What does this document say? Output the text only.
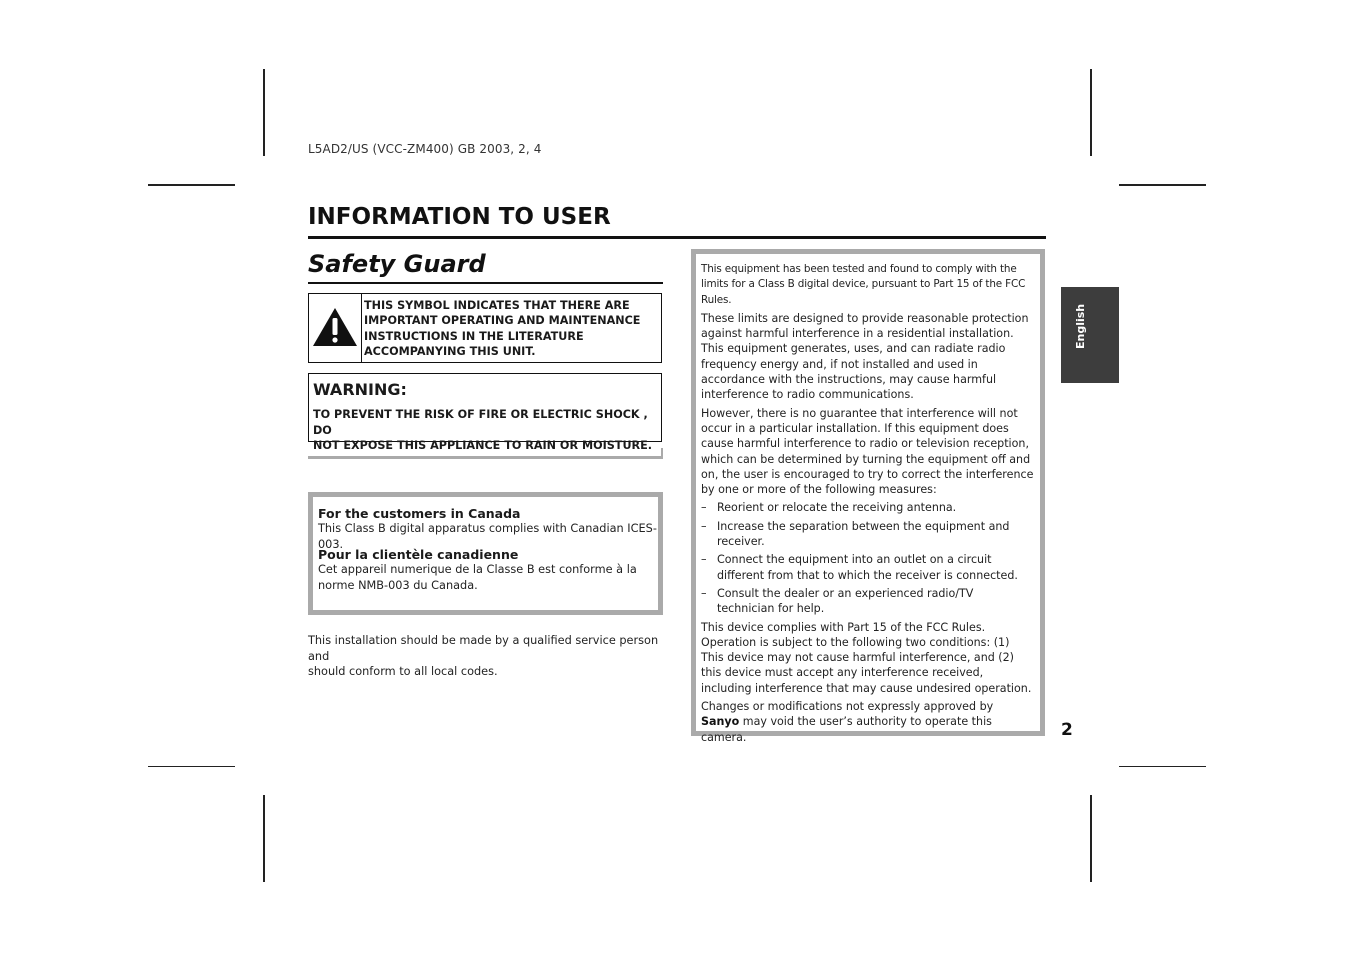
L5AD2/US (VCC-ZM400) GB 2003, 2, 4
INFORMATION TO USER
Safety Guard
THIS SYMBOL INDICATES THAT THERE ARE
IMPORTANT OPERATING AND MAINTENANCE
INSTRUCTIONS IN THE LITERATURE
ACCOMPANYING THIS UNIT.
WARNING:
TO PREVENT THE RISK OF FIRE OR ELECTRIC SHOCK , DO
NOT EXPOSE THIS APPLIANCE TO RAIN OR MOISTURE.
For the customers in Canada
This Class B digital apparatus complies with Canadian ICES-003.
Pour la clientèle canadienne
Cet appareil numerique de la Classe B est conforme à la
norme NMB-003 du Canada.
This installation should be made by a qualified service person and
should conform to all local codes.

This equipment has been tested and found to comply with the limits for a Class B digital device, pursuant to Part 15 of the FCC Rules.

These limits are designed to provide reasonable protection against harmful interference in a residential installation. This equipment generates, uses, and can radiate radio frequency energy and, if not installed and used in accordance with the instructions, may cause harmful interference to radio communications.

However, there is no guarantee that interference will not occur in a particular installation. If this equipment does cause harmful interference to radio or television reception, which can be determined by turning the equipment off and on, the user is encouraged to try to correct the interference by one or more of the following measures:

– Reorient or relocate the receiving antenna.
– Increase the separation between the equipment and receiver.
– Connect the equipment into an outlet on a circuit different from that to which the receiver is connected.
– Consult the dealer or an experienced radio/TV technician for help.

This device complies with Part 15 of the FCC Rules. Operation is subject to the following two conditions: (1) This device may not cause harmful interference, and (2) this device must accept any interference received, including interference that may cause undesired operation.

Changes or modifications not expressly approved by Sanyo may void the user’s authority to operate this camera.

English
2
